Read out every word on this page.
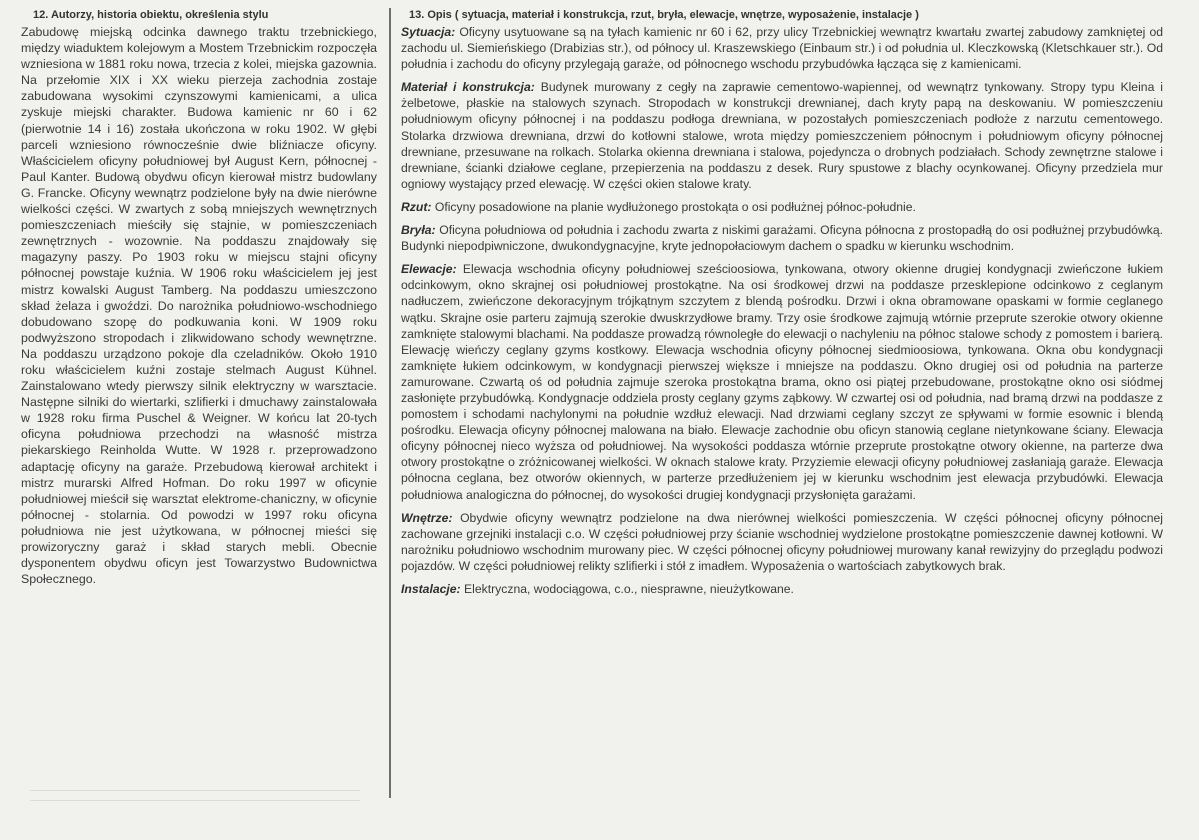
12. Autorzy, historia obiektu, określenia stylu

Zabudowę miejską odcinka dawnego traktu trzebnickiego, między wiaduktem kolejowym a Mostem Trzebnickim rozpoczęła wzniesiona w 1881 roku nowa, trzecia z kolei, miejska gazownia. Na przełomie XIX i XX wieku pierzeja zachodnia zostaje zabudowana wysokimi czynszowymi kamienicami, a ulica zyskuje miejski charakter. Budowa kamienic nr 60 i 62 (pierwotnie 14 i 16) została ukończona w roku 1902. W głębi parceli wzniesiono równocześnie dwie bliźniacze oficyny. Właścicielem oficyny południowej był August Kern, północnej - Paul Kanter. Budową obydwu oficyn kierował mistrz budowlany G. Francke. Oficyny wewnątrz podzielone były na dwie nierówne wielkości części. W zwartych z sobą mniejszych wewnętrznych pomieszczeniach mieściły się stajnie, w pomieszczeniach zewnętrznych - wozownie. Na poddaszu znajdowały się magazyny paszy. Po 1903 roku w miejscu stajni oficyny północnej powstaje kuźnia. W 1906 roku właścicielem jej jest mistrz kowalski August Tamberg. Na poddaszu umieszczono skład żelaza i gwoździ. Do narożnika południowo-wschodniego dobudowano szopę do podkuwania koni. W 1909 roku podwyższono stropodach i zlikwidowano schody wewnętrzne. Na poddaszu urządzono pokoje dla czeladników. Około 1910 roku właścicielem kuźni zostaje stelmach August Kühnel. Zainstalowano wtedy pierwszy silnik elektryczny w warsztacie. Następne silniki do wiertarki, szlifierki i dmuchawy zainstalowała w 1928 roku firma Puschel & Weigner. W końcu lat 20-tych oficyna południowa przechodzi na własność mistrza piekarskiego Reinholda Wutte. W 1928 r. przeprowadzono adaptację oficyny na garaże. Przebudową kierował architekt i mistrz murarski Alfred Hofman. Do roku 1997 w oficynie południowej mieścił się warsztat elektrome-chaniczny, w oficynie północnej - stolarnia. Od powodzi w 1997 roku oficyna południowa nie jest użytkowana, w północnej mieści się prowizoryczny garaż i skład starych mebli. Obecnie dysponentem obydwu oficyn jest Towarzystwo Budownictwa Społecznego.

13. Opis ( sytuacja, materiał i konstrukcja, rzut, bryła, elewacje, wnętrze, wyposażenie, instalacje )

Sytuacja: Oficyny usytuowane są na tyłach kamienic nr 60 i 62, przy ulicy Trzebnickiej wewnątrz kwartału zwartej zabudowy zamkniętej od zachodu ul. Siemieńskiego (Drabizias str.), od północy ul. Kraszewskiego (Einbaum str.) i od południa ul. Kleczkowską (Kletschkauer str.). Od południa i zachodu do oficyny przylegają garaże, od północnego wschodu przybudówka łącząca się z kamienicami.

Materiał i konstrukcja: Budynek murowany z cegły na zaprawie cementowo-wapiennej, od wewnątrz tynkowany. Stropy typu Kleina i żelbetowe, płaskie na stalowych szynach. Stropodach w konstrukcji drewnianej, dach kryty papą na deskowaniu. W pomieszczeniu południowym oficyny północnej i na poddaszu podłoga drewniana, w pozostałych pomieszczeniach podłoże z narzutu cementowego. Stolarka drzwiowa drewniana, drzwi do kotłowni stalowe, wrota między pomieszczeniem północnym i południowym oficyny północnej drewniane, przesuwane na rolkach. Stolarka okienna drewniana i stalowa, pojedyncza o drobnych podziałach. Schody zewnętrzne stalowe i drewniane, ścianki działowe ceglane, przepierzenia na poddaszu z desek. Rury spustowe z blachy ocynkowanej. Oficyny przedziela mur ogniowy wystający przed elewację. W części okien stalowe kraty.

Rzut: Oficyny posadowione na planie wydłużonego prostokąta o osi podłużnej północ-południe.

Bryła: Oficyna południowa od południa i zachodu zwarta z niskimi garażami. Oficyna północna z prostopadłą do osi podłużnej przybudówką. Budynki niepodpiwniczone, dwukondygnacyjne, kryte jednopołaciowym dachem o spadku w kierunku wschodnim.

Elewacje: Elewacja wschodnia oficyny południowej sześcioosiowa, tynkowana, otwory okienne drugiej kondygnacji zwieńczone łukiem odcinkowym, okno skrajnej osi południowej prostokątne. Na osi środkowej drzwi na poddasze przesklepione odcinkowo z ceglanym nadłuczem, zwieńczone dekoracyjnym trójkątnym szczytem z blendą pośrodku. Drzwi i okna obramowane opaskami w formie ceglanego wątku. Skrajne osie parteru zajmują szerokie dwuskrzydłowe bramy. Trzy osie środkowe zajmują wtórnie przeprute szerokie otwory okienne zamknięte stalowymi blachami. Na poddasze prowadzą równoległe do elewacji o nachyleniu na północ stalowe schody z pomostem i barierą. Elewację wieńczy ceglany gzyms kostkowy. Elewacja wschodnia oficyny północnej siedmioosiowa, tynkowana. Okna obu kondygnacji zamknięte łukiem odcinkowym, w kondygnacji pierwszej większe i mniejsze na poddaszu. Okno drugiej osi od południa na parterze zamurowane. Czwartą oś od południa zajmuje szeroka prostokątna brama, okno osi piątej przebudowane, prostokątne okno osi siódmej zasłonięte przybudówką. Kondygnacje oddziela prosty ceglany gzyms ząbkowy. W czwartej osi od południa, nad bramą drzwi na poddasze z pomostem i schodami nachylonymi na południe wzdłuż elewacji. Nad drzwiami ceglany szczyt ze spływami w formie esownic i blendą pośrodku. Elewacja oficyny północnej malowana na biało. Elewacje zachodnie obu oficyn stanowią ceglane nietynkowane ściany. Elewacja oficyny północnej nieco wyższa od południowej. Na wysokości poddasza wtórnie przeprute prostokątne otwory okienne, na parterze dwa otwory prostokątne o zróżnicowanej wielkości. W oknach stalowe kraty. Przyziemie elewacji oficyny południowej zasłaniają garaże. Elewacja północna ceglana, bez otworów okiennych, w parterze przedłużeniem jej w kierunku wschodnim jest elewacja przybudówki. Elewacja południowa analogiczna do północnej, do wysokości drugiej kondygnacji przysłonięta garażami.

Wnętrze: Obydwie oficyny wewnątrz podzielone na dwa nierównej wielkości pomieszczenia. W części północnej oficyny północnej zachowane grzejniki instalacji c.o. W części południowej przy ścianie wschodniej wydzielone prostokątne pomieszczenie dawnej kotłowni. W narożniku południowo wschodnim murowany piec. W części północnej oficyny południowej murowany kanał rewizyjny do przeglądu podwozi pojazdów. W części południowej relikty szlifierki i stół z imadłem. Wyposażenia o wartościach zabytkowych brak.

Instalacje: Elektryczna, wodociągowa, c.o., niesprawne, nieużytkowane.
